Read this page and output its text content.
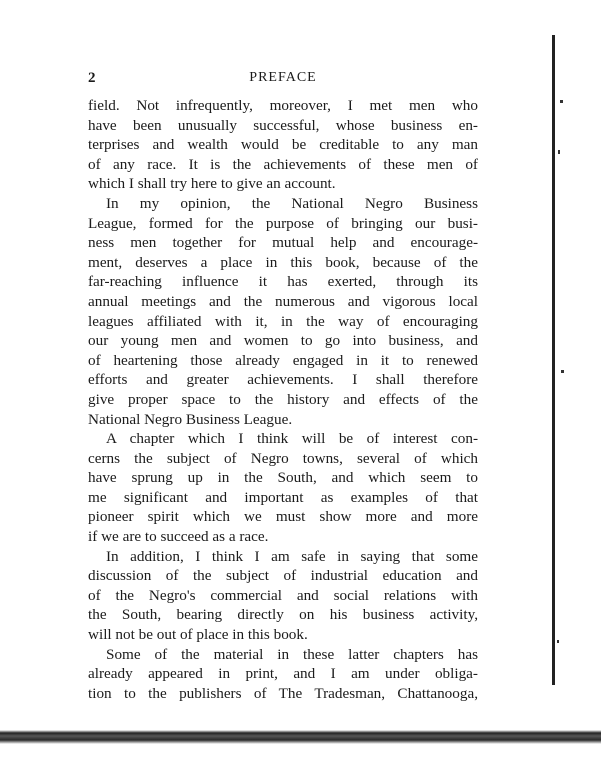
2	PREFACE

field. Not infrequently, moreover, I met men who
have been unusually successful, whose business en-
terprises and wealth would be creditable to any man
of any race. It is the achievements of these men of
which I shall try here to give an account.

In my opinion, the National Negro Business
League, formed for the purpose of bringing our busi-
ness men together for mutual help and encourage-
ment, deserves a place in this book, because of the
far-reaching influence it has exerted, through its
annual meetings and the numerous and vigorous local
leagues affiliated with it, in the way of encouraging
our young men and women to go into business, and
of heartening those already engaged in it to renewed
efforts and greater achievements. I shall therefore
give proper space to the history and effects of the
National Negro Business League.

A chapter which I think will be of interest con-
cerns the subject of Negro towns, several of which
have sprung up in the South, and which seem to
me significant and important as examples of that
pioneer spirit which we must show more and more
if we are to succeed as a race.

In addition, I think I am safe in saying that some
discussion of the subject of industrial education and
of the Negro's commercial and social relations with
the South, bearing directly on his business activity,
will not be out of place in this book.

Some of the material in these latter chapters has
already appeared in print, and I am under obliga-
tion to the publishers of The Tradesman, Chattanooga,
